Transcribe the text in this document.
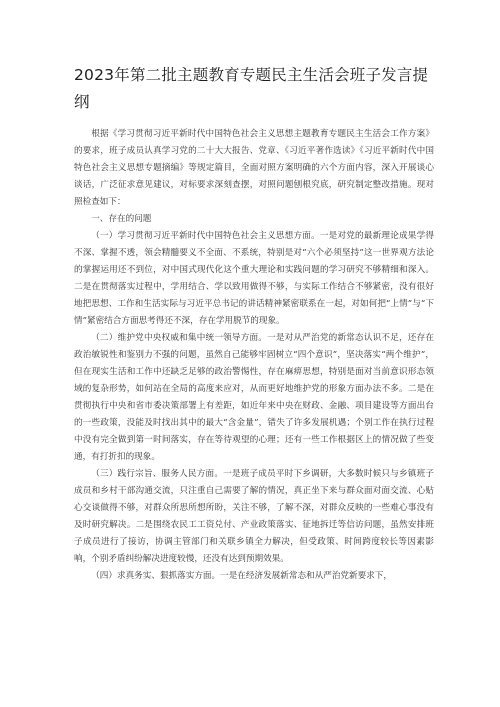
2023年第二批主题教育专题民主生活会班子发言提纲

根据《学习贯彻习近平新时代中国特色社会主义思想主题教育专题民主生活会工作方案》的要求，班子成员认真学习党的二十大大报告、党章、《习近平著作选读》《习近平新时代中国特色社会主义思想专题摘编》等规定篇目，全面对照方案明确的六个方面内容，深入开展谈心谈话，广泛征求意见建议，对标要求深刻查摆，对照问题刨根究底，研究制定整改措施。现对照检查如下：

一、存在的问题

（一）学习贯彻习近平新时代中国特色社会主义思想方面。一是对党的最新理论成果学得不深、掌握不透，领会精髓要义不全面、不系统，特别是对“六个必须坚持”这一世界观方法论的掌握运用还不到位，对中国式现代化这个重大理论和实践问题的学习研究不够精细和深入。二是在贯彻落实过程中，学用结合、学以致用做得不够，与实际工作结合不够紧密，没有很好地把思想、工作和生活实际与习近平总书记的讲话精神紧密联系在一起，对如何把“上情”与“下情”紧密结合方面思考得还不深，存在学用脱节的现象。

（二）维护党中央权威和集中统一领导方面。一是对从严治党的新常态认识不足，还存在政治敏锐性和鉴别力不强的问题，虽然自己能够牢固树立“四个意识”，坚决落实“两个维护”，但在现实生活和工作中还缺乏足够的政治警惕性，存在麻痹思想，特别是面对当前意识形态领域的复杂形势，如何站在全局的高度来应对，从而更好地维护党的形象方面办法不多。二是在贯彻执行中央和省市委决策部署上有差距，如近年来中央在财政、金融、项目建设等方面出台的一些政策，没能及时找出其中的最大“含金量”，错失了许多发展机遇；个别工作在执行过程中没有完全做到第一时间落实，存在等待观望的心理；还有一些工作根据区上的情况做了些变通，有打折扣的现象。

（三）践行宗旨、服务人民方面。一是班子成员平时下乡调研，大多数时候只与乡镇班子成员和乡村干部沟通交流，只注重自己需要了解的情况，真正坐下来与群众面对面交流、心贴心交谈做得不够，对群众所思所想所盼，关注不够，了解不深，对群众反映的一些难心事没有及时研究解决。二是围绕农民工工资兑付、产业政策落实、征地拆迁等信访问题，虽然安排班子成员进行了接访，协调主管部门和关联乡镇全力解决，但受政策、时间跨度较长等因素影响，个别矛盾纠纷解决进度较慢，还没有达到预期效果。

（四）求真务实、狠抓落实方面。一是在经济发展新常态和从严治党新要求下，
